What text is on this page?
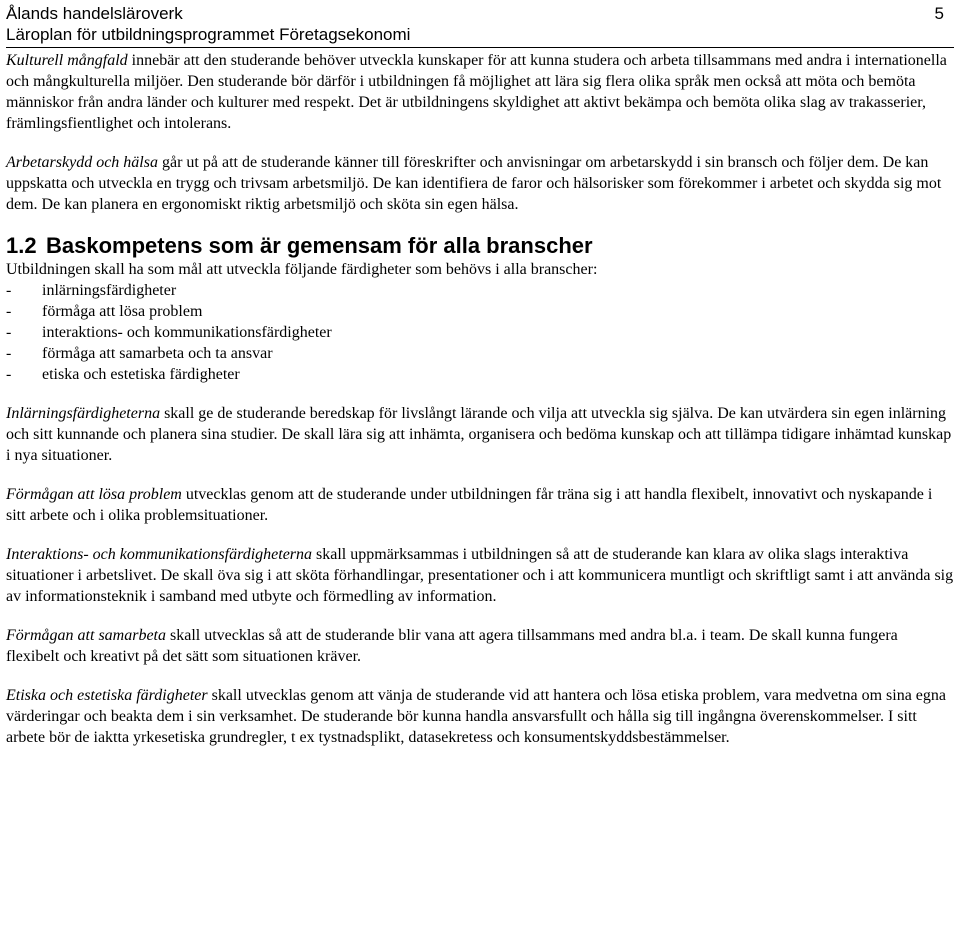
Ålands handelsläroverk
Läroplan för utbildningsprogrammet Företagsekonomi
5

Kulturell mångfald innebär att den studerande behöver utveckla kunskaper för att kunna studera och arbeta tillsammans med andra i internationella och mångkulturella miljöer. Den studerande bör därför i utbildningen få möjlighet att lära sig flera olika språk men också att möta och bemöta människor från andra länder och kulturer med respekt. Det är utbildningens skyldighet att aktivt bekämpa och bemöta olika slag av trakasserier, främlingsfientlighet och intolerans.

Arbetarskydd och hälsa går ut på att de studerande känner till föreskrifter och anvisningar om arbetarskydd i sin bransch och följer dem. De kan uppskatta och utveckla en trygg och trivsam arbetsmiljö. De kan identifiera de faror och hälsorisker som förekommer i arbetet och skydda sig mot dem. De kan planera en ergonomiskt riktig arbetsmiljö och sköta sin egen hälsa.

1.2 Baskompetens som är gemensam för alla branscher

Utbildningen skall ha som mål att utveckla följande färdigheter som behövs i alla branscher:

- inlärningsfärdigheter
- förmåga att lösa problem
- interaktions- och kommunikationsfärdigheter
- förmåga att samarbeta och ta ansvar
- etiska och estetiska färdigheter

Inlärningsfärdigheterna skall ge de studerande beredskap för livslångt lärande och vilja att utveckla sig själva. De kan utvärdera sin egen inlärning och sitt kunnande och planera sina studier. De skall lära sig att inhämta, organisera och bedöma kunskap och att tillämpa tidigare inhämtad kunskap i nya situationer.

Förmågan att lösa problem utvecklas genom att de studerande under utbildningen får träna sig i att handla flexibelt, innovativt och nyskapande i sitt arbete och i olika problemsituationer.

Interaktions- och kommunikationsfärdigheterna skall uppmärksammas i utbildningen så att de studerande kan klara av olika slags interaktiva situationer i arbetslivet. De skall öva sig i att sköta förhandlingar, presentationer och i att kommunicera muntligt och skriftligt samt i att använda sig av informationsteknik i samband med utbyte och förmedling av information.

Förmågan att samarbeta skall utvecklas så att de studerande blir vana att agera tillsammans med andra bl.a. i team. De skall kunna fungera flexibelt och kreativt på det sätt som situationen kräver.

Etiska och estetiska färdigheter skall utvecklas genom att vänja de studerande vid att hantera och lösa etiska problem, vara medvetna om sina egna värderingar och beakta dem i sin verksamhet. De studerande bör kunna handla ansvarsfullt och hålla sig till ingångna överenskommelser. I sitt arbete bör de iaktta yrkesetiska grundregler, t ex tystnadsplikt, datasekretess och konsumentskyddsbestämmelser.
